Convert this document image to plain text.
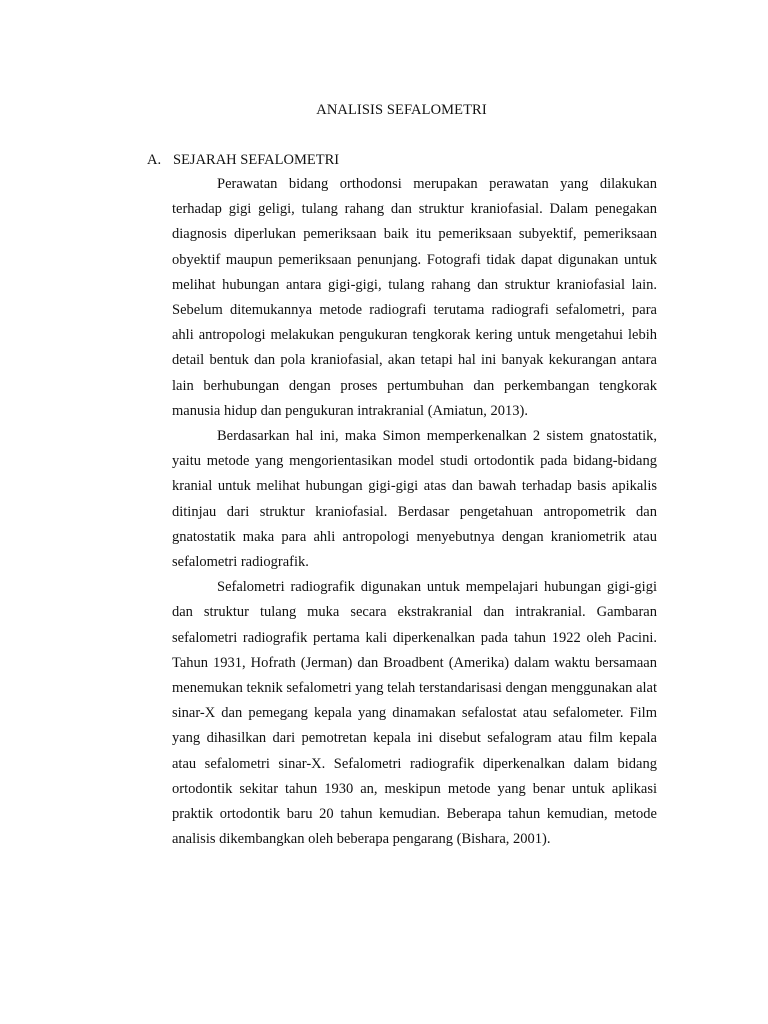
ANALISIS SEFALOMETRI
A. SEJARAH SEFALOMETRI

Perawatan bidang orthodonsi merupakan perawatan yang dilakukan terhadap gigi geligi, tulang rahang dan struktur kraniofasial. Dalam penegakan diagnosis diperlukan pemeriksaan baik itu pemeriksaan subyektif, pemeriksaan obyektif maupun pemeriksaan penunjang. Fotografi tidak dapat digunakan untuk melihat hubungan antara gigi-gigi, tulang rahang dan struktur kraniofasial lain. Sebelum ditemukannya metode radiografi terutama radiografi sefalometri, para ahli antropologi melakukan pengukuran tengkorak kering untuk mengetahui lebih detail bentuk dan pola kraniofasial, akan tetapi hal ini banyak kekurangan antara lain berhubungan dengan proses pertumbuhan dan perkembangan tengkorak manusia hidup dan pengukuran intrakranial (Amiatun, 2013).

Berdasarkan hal ini, maka Simon memperkenalkan 2 sistem gnatostatik, yaitu metode yang mengorientasikan model studi ortodontik pada bidang-bidang kranial untuk melihat hubungan gigi-gigi atas dan bawah terhadap basis apikalis ditinjau dari struktur kraniofasial. Berdasar pengetahuan antropometrik dan gnatostatik maka para ahli antropologi menyebutnya dengan kraniometrik atau sefalometri radiografik.

Sefalometri radiografik digunakan untuk mempelajari hubungan gigi-gigi dan struktur tulang muka secara ekstrakranial dan intrakranial. Gambaran sefalometri radiografik pertama kali diperkenalkan pada tahun 1922 oleh Pacini. Tahun 1931, Hofrath (Jerman) dan Broadbent (Amerika) dalam waktu bersamaan menemukan teknik sefalometri yang telah terstandarisasi dengan menggunakan alat sinar-X dan pemegang kepala yang dinamakan sefalostat atau sefalometer. Film yang dihasilkan dari pemotretan kepala ini disebut sefalogram atau film kepala atau sefalometri sinar-X. Sefalometri radiografik diperkenalkan dalam bidang ortodontik sekitar tahun 1930 an, meskipun metode yang benar untuk aplikasi praktik ortodontik baru 20 tahun kemudian. Beberapa tahun kemudian, metode analisis dikembangkan oleh beberapa pengarang (Bishara, 2001).
